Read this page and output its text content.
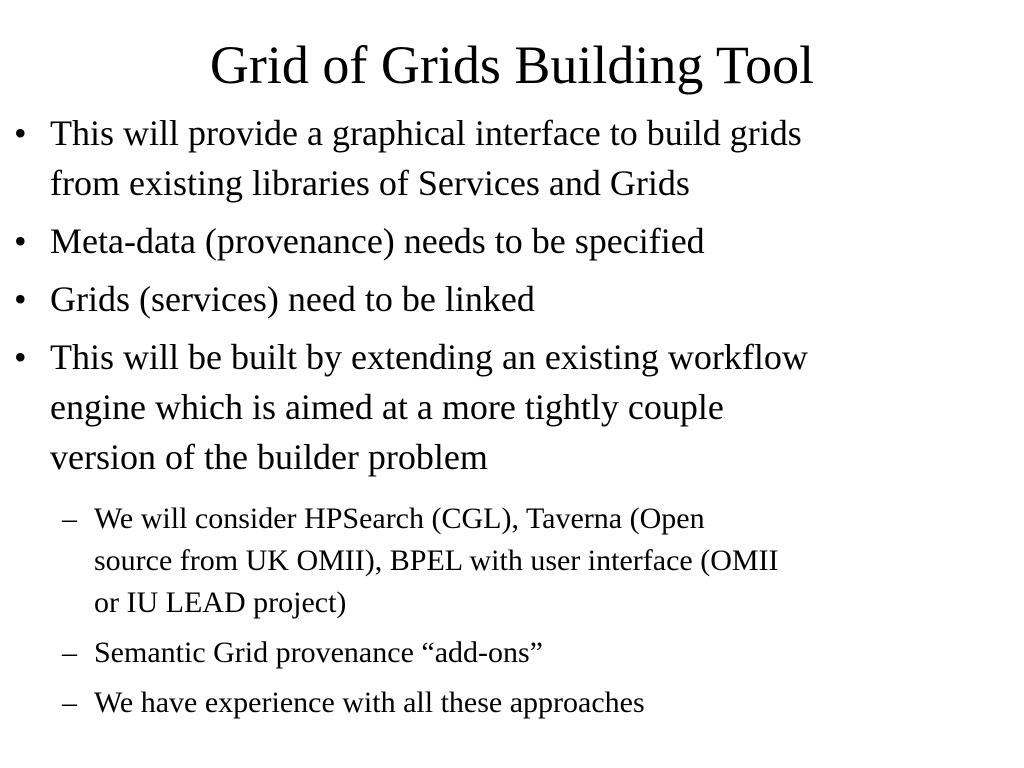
Grid of Grids Building Tool
• This will provide a graphical interface to build grids
from existing libraries of Services and Grids
• Meta-data (provenance) needs to be specified
• Grids (services) need to be linked
• This will be built by extending an existing workflow
engine which is aimed at a more tightly couple
version of the builder problem
– We will consider HPSearch (CGL), Taverna (Open
source from UK OMII), BPEL with user interface (OMII
or IU LEAD project)
– Semantic Grid provenance “add-ons”
– We have experience with all these approaches
